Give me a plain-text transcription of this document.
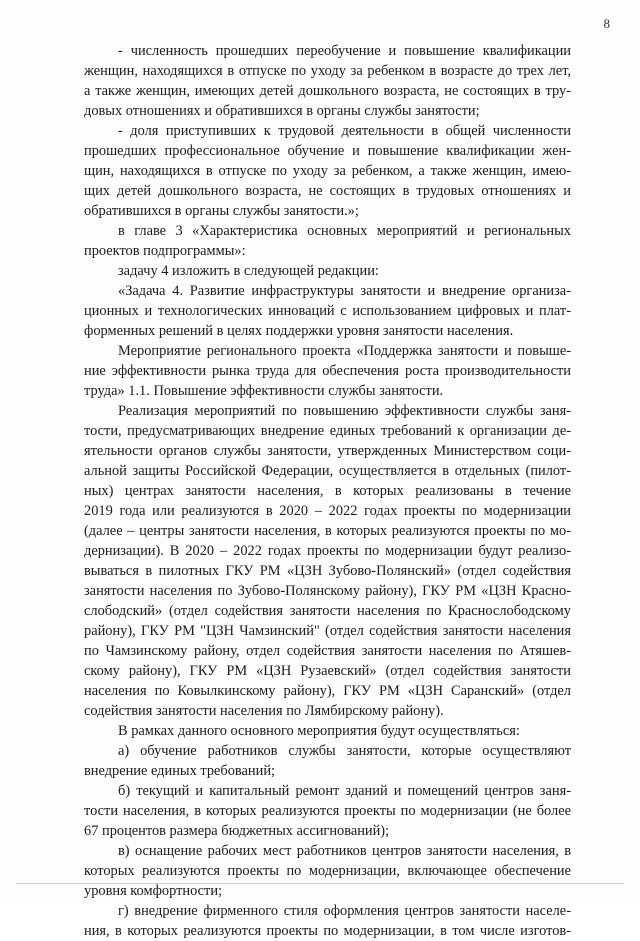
8
- численность прошедших переобучение и повышение квалификации
женщин, находящихся в отпуске по уходу за ребенком в возрасте до трех лет,
а также женщин, имеющих детей дошкольного возраста, не состоящих в тру-
довых отношениях и обратившихся в органы службы занятости;
- доля приступивших к трудовой деятельности в общей численности
прошедших профессиональное обучение и повышение квалификации жен-
щин, находящихся в отпуске по уходу за ребенком, а также женщин, имею-
щих детей дошкольного возраста, не состоящих в трудовых отношениях и
обратившихся в органы службы занятости.»;
в главе 3 «Характеристика основных мероприятий и региональных
проектов подпрограммы»:
задачу 4 изложить в следующей редакции:
«Задача 4. Развитие инфраструктуры занятости и внедрение организа-
ционных и технологических инноваций с использованием цифровых и плат-
форменных решений в целях поддержки уровня занятости населения.
Мероприятие регионального проекта «Поддержка занятости и повыше-
ние эффективности рынка труда для обеспечения роста производительности
труда» 1.1. Повышение эффективности службы занятости.
Реализация мероприятий по повышению эффективности службы заня-
тости, предусматривающих внедрение единых требований к организации де-
ятельности органов службы занятости, утвержденных Министерством соци-
альной защиты Российской Федерации, осуществляется в отдельных (пилот-
ных) центрах занятости населения, в которых реализованы в течение
2019 года или реализуются в 2020 – 2022 годах проекты по модернизации
(далее – центры занятости населения, в которых реализуются проекты по мо-
дернизации). В 2020 – 2022 годах проекты по модернизации будут реализо-
вываться в пилотных ГКУ РМ «ЦЗН Зубово-Полянский» (отдел содействия
занятости населения по Зубово-Полянскому району), ГКУ РМ «ЦЗН Красно-
слободский» (отдел содействия занятости населения по Краснослободскому
району), ГКУ РМ "ЦЗН Чамзинский" (отдел содействия занятости населения
по Чамзинскому району, отдел содействия занятости населения по Атяшев-
скому району), ГКУ РМ «ЦЗН Рузаевский» (отдел содействия занятости
населения по Ковылкинскому району), ГКУ РМ «ЦЗН Саранский» (отдел
содействия занятости населения по Лямбирскому району).
В рамках данного основного мероприятия будут осуществляться:
а) обучение работников службы занятости, которые осуществляют
внедрение единых требований;
б) текущий и капитальный ремонт зданий и помещений центров заня-
тости населения, в которых реализуются проекты по модернизации (не более
67 процентов размера бюджетных ассигнований);
в) оснащение рабочих мест работников центров занятости населения, в
которых реализуются проекты по модернизации, включающее обеспечение
уровня комфортности;
г) внедрение фирменного стиля оформления центров занятости населе-
ния, в которых реализуются проекты по модернизации, в том числе изготов-
